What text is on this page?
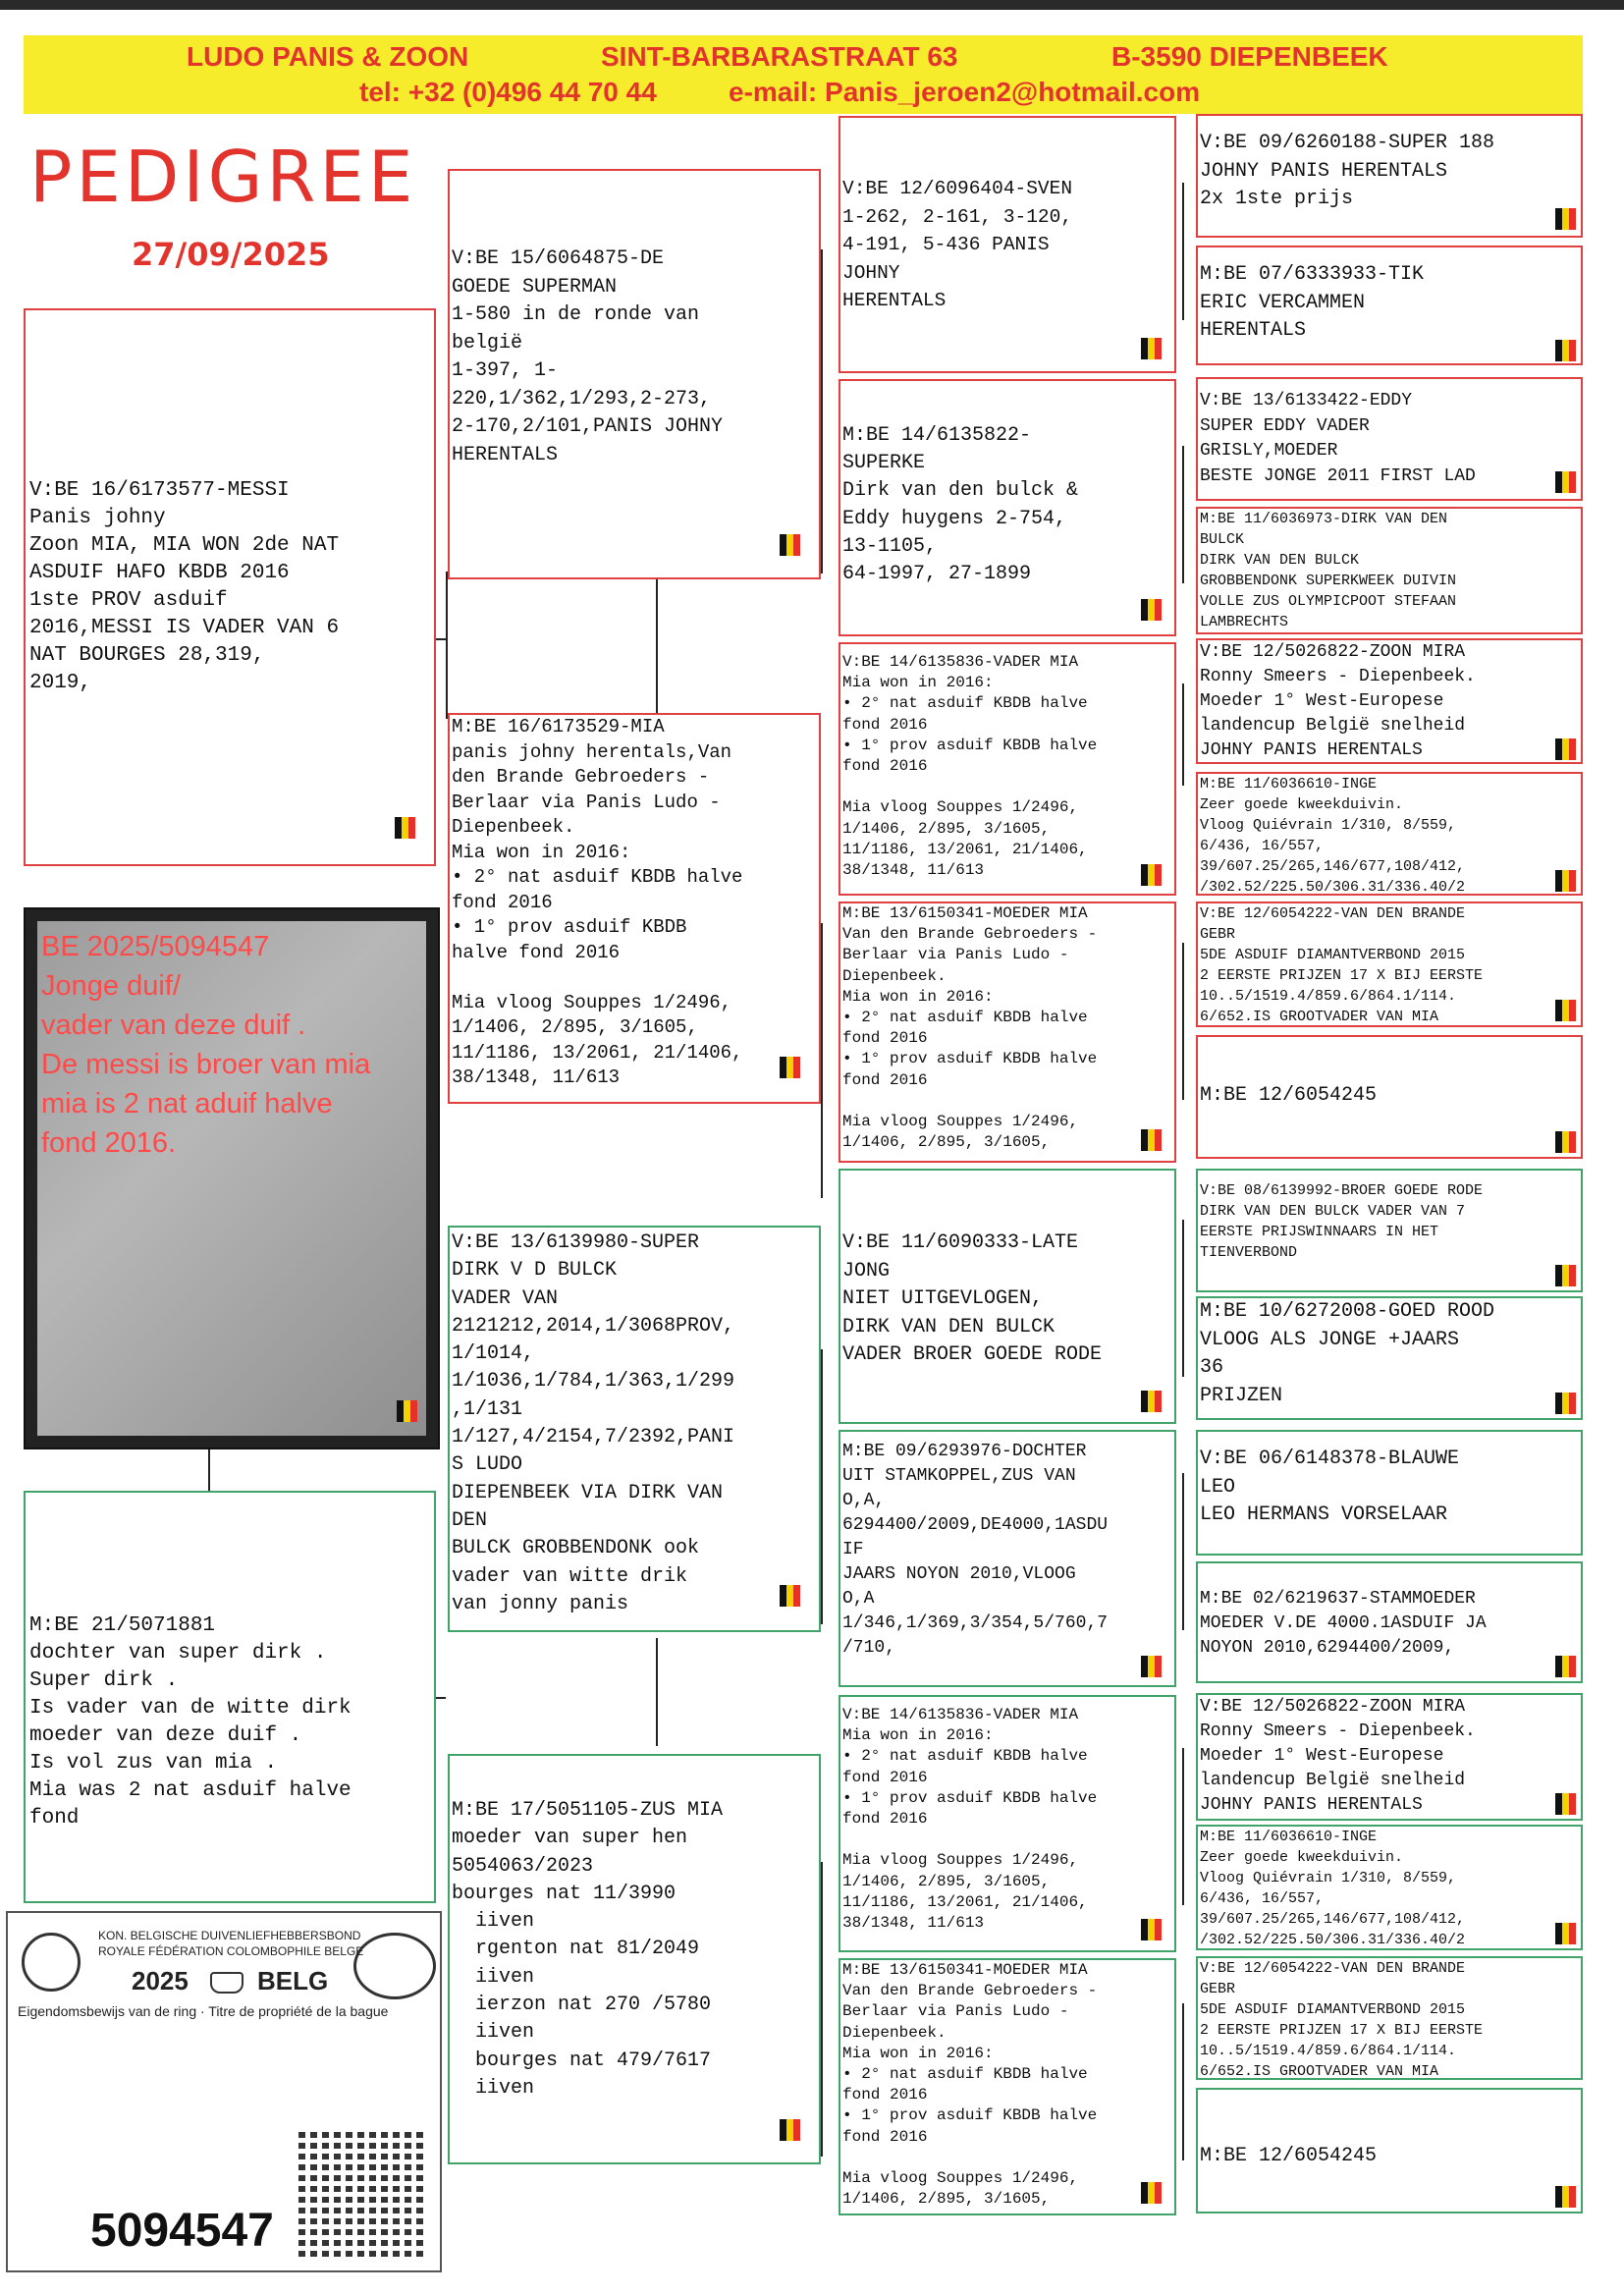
LUDO PANIS & ZOON	SINT-BARBARASTRAAT 63	B-3590 DIEPENBEEK
tel: +32 (0)496 44 70 44	e-mail: Panis_jeroen2@hotmail.com
PEDIGREE
27/09/2025
V:BE 16/6173577-MESSI
Panis johny
Zoon MIA, MIA WON 2de NAT
ASDUIF HAFO KBDB 2016
1ste PROV asduif
2016,MESSI IS VADER VAN 6
NAT BOURGES 28,319,
2019,
BE 2025/5094547
Jonge duif/
vader van deze duif .
De messi is broer van mia
mia is 2 nat aduif halve
fond 2016.
M:BE 21/5071881
dochter van super dirk .
Super dirk .
Is vader van de witte dirk
moeder van deze duif .
Is vol zus van mia .
Mia was 2 nat asduif halve
fond
V:BE 15/6064875-DE
GOEDE SUPERMAN
1-580 in de ronde van
belgië
1-397, 1-
220,1/362,1/293,2-273,
2-170,2/101,PANIS JOHNY
HERENTALS
M:BE 16/6173529-MIA
panis johny herentals,Van
den Brande Gebroeders -
Berlaar via Panis Ludo -
Diepenbeek.
Mia won in 2016:
• 2° nat asduif KBDB halve
fond 2016
• 1° prov asduif KBDB
halve fond 2016

Mia vloog Souppes 1/2496,
1/1406, 2/895, 3/1605,
11/1186, 13/2061, 21/1406,
38/1348, 11/613
V:BE 13/6139980-SUPER
DIRK V D BULCK
VADER VAN
2121212,2014,1/3068PROV,
1/1014,
1/1036,1/784,1/363,1/299
,1/131
1/127,4/2154,7/2392,PANI
S LUDO
DIEPENBEEK VIA DIRK VAN
DEN
BULCK GROBBENDONK ook
vader van witte drik
van jonny panis
M:BE 17/5051105-ZUS MIA
moeder van super hen
5054063/2023
bourges nat 11/3990
iiven
rgenton nat 81/2049
iiven
ierzon nat 270 /5780
iiven
bourges nat 479/7617
iiven
V:BE 12/6096404-SVEN
1-262, 2-161, 3-120,
4-191, 5-436 PANIS
JOHNY
HERENTALS
M:BE 14/6135822-
SUPERKE
Dirk van den bulck &
Eddy huygens 2-754,
13-1105,
64-1997, 27-1899
V:BE 14/6135836-VADER MIA
Mia won in 2016:
• 2° nat asduif KBDB halve
fond 2016
• 1° prov asduif KBDB halve
fond 2016

Mia vloog Souppes 1/2496,
1/1406, 2/895, 3/1605,
11/1186, 13/2061, 21/1406,
38/1348, 11/613
M:BE 13/6150341-MOEDER MIA
Van den Brande Gebroeders -
Berlaar via Panis Ludo -
Diepenbeek.
Mia won in 2016:
• 2° nat asduif KBDB halve
fond 2016
• 1° prov asduif KBDB halve
fond 2016

Mia vloog Souppes 1/2496,
1/1406, 2/895, 3/1605,
V:BE 11/6090333-LATE
JONG
NIET UITGEVLOGEN,
DIRK VAN DEN BULCK
VADER BROER GOEDE RODE
M:BE 09/6293976-DOCHTER
UIT STAMKOPPEL,ZUS VAN
O,A,
6294400/2009,DE4000,1ASDU
IF
JAARS NOYON 2010,VLOOG
O,A
1/346,1/369,3/354,5/760,7
/710,
V:BE 14/6135836-VADER MIA
Mia won in 2016:
• 2° nat asduif KBDB halve
fond 2016
• 1° prov asduif KBDB halve
fond 2016

Mia vloog Souppes 1/2496,
1/1406, 2/895, 3/1605,
11/1186, 13/2061, 21/1406,
38/1348, 11/613
M:BE 13/6150341-MOEDER MIA
Van den Brande Gebroeders -
Berlaar via Panis Ludo -
Diepenbeek.
Mia won in 2016:
• 2° nat asduif KBDB halve
fond 2016
• 1° prov asduif KBDB halve
fond 2016

Mia vloog Souppes 1/2496,
1/1406, 2/895, 3/1605,
V:BE 09/6260188-SUPER 188
JOHNY PANIS HERENTALS
2x 1ste prijs
M:BE 07/6333933-TIK
ERIC VERCAMMEN
HERENTALS
V:BE 13/6133422-EDDY
SUPER EDDY VADER
GRISLY,MOEDER
BESTE JONGE 2011 FIRST LAD
M:BE 11/6036973-DIRK VAN DEN
BULCK
DIRK VAN DEN BULCK
GROBBENDONK SUPERKWEEK DUIVIN
VOLLE ZUS OLYMPICPOOT STEFAAN
LAMBRECHTS
V:BE 12/5026822-ZOON MIRA
Ronny Smeers - Diepenbeek.
Moeder 1° West-Europese
landencup België snelheid
JOHNY PANIS HERENTALS
M:BE 11/6036610-INGE
Zeer goede kweekduivin.
Vloog Quiévrain 1/310, 8/559,
6/436, 16/557,
39/607.25/265,146/677,108/412,
/302.52/225.50/306.31/336.40/2
V:BE 12/6054222-VAN DEN BRANDE
GEBR
5DE ASDUIF DIAMANTVERBOND 2015
2 EERSTE PRIJZEN 17 X BIJ EERSTE
10..5/1519.4/859.6/864.1/114.
6/652.IS GROOTVADER VAN MIA
M:BE 12/6054245
V:BE 08/6139992-BROER GOEDE RODE
DIRK VAN DEN BULCK VADER VAN 7
EERSTE PRIJSWINNAARS IN HET
TIENVERBOND
M:BE 10/6272008-GOED ROOD
VLOOG ALS JONGE +JAARS
36
PRIJZEN
V:BE 06/6148378-BLAUWE
LEO
LEO HERMANS VORSELAAR
M:BE 02/6219637-STAMMOEDER
MOEDER V.DE 4000.1ASDUIF JA
NOYON 2010,6294400/2009,
V:BE 12/5026822-ZOON MIRA
Ronny Smeers - Diepenbeek.
Moeder 1° West-Europese
landencup België snelheid
JOHNY PANIS HERENTALS
M:BE 11/6036610-INGE
Zeer goede kweekduivin.
Vloog Quiévrain 1/310, 8/559,
6/436, 16/557,
39/607.25/265,146/677,108/412,
/302.52/225.50/306.31/336.40/2
V:BE 12/6054222-VAN DEN BRANDE
GEBR
5DE ASDUIF DIAMANTVERBOND 2015
2 EERSTE PRIJZEN 17 X BIJ EERSTE
10..5/1519.4/859.6/864.1/114.
6/652.IS GROOTVADER VAN MIA
M:BE 12/6054245
KON. BELGISCHE DUIVENLIEFHEBBERSBOND
ROYALE FÉDÉRATION COLOMBOPHILE BELGE
2025	BELG
Eigendomsbewijs van de ring · Titre de propriété de la bague
5094547
